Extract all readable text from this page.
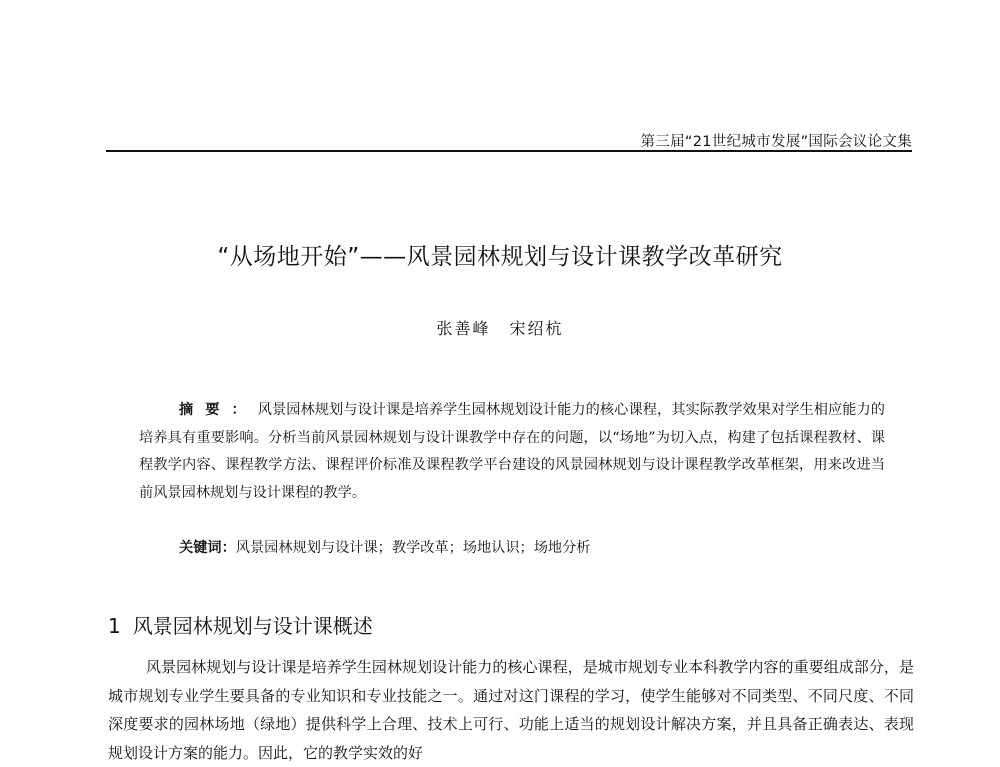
第三届“21世纪城市发展”国际会议论文集
“从场地开始”——风景园林规划与设计课教学改革研究
张善峰 宋绍杭

摘要：风景园林规划与设计课是培养学生园林规划设计能力的核心课程，其实际教学效果对学生相应能力的培养具有重要影响。分析当前风景园林规划与设计课教学中存在的问题，以“场地”为切入点，构建了包括课程教材、课程教学内容、课程教学方法、课程评价标准及课程教学平台建设的风景园林规划与设计课程教学改革框架，用来改进当前风景园林规划与设计课程的教学。

关键词：风景园林规划与设计课；教学改革；场地认识；场地分析
1 风景园林规划与设计课概述

风景园林规划与设计课是培养学生园林规划设计能力的核心课程，是城市规划专业本科教学内容的重要组成部分，是城市规划专业学生要具备的专业知识和专业技能之一。通过对这门课程的学习，使学生能够对不同类型、不同尺度、不同深度要求的园林场地（绿地）提供科学上合理、技术上可行、功能上适当的规划设计解决方案，并且具备正确表达、表现规划设计方案的能力。因此，它的教学实效的好
